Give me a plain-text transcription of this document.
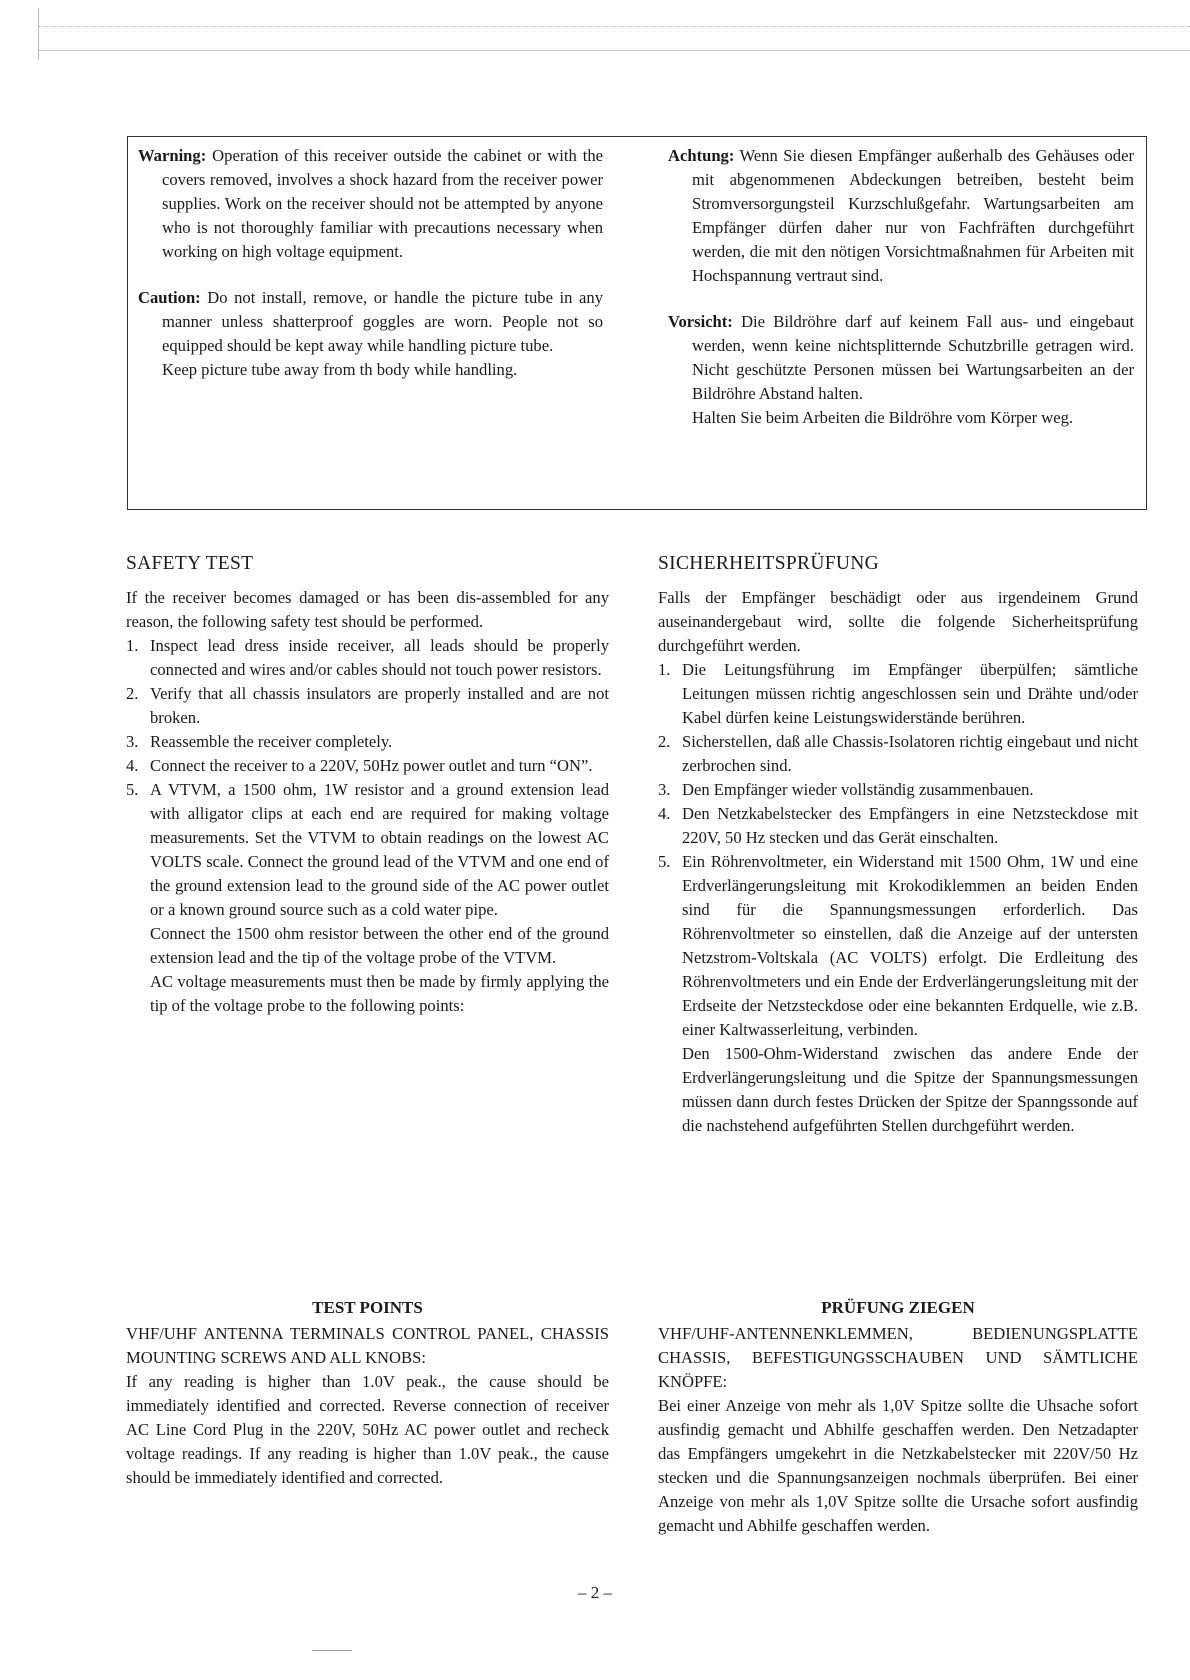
Warning: Operation of this receiver outside the cabinet or with the covers removed, involves a shock hazard from the receiver power supplies. Work on the receiver should not be attempted by anyone who is not thoroughly familiar with precautions necessary when working on high voltage equipment.

Caution: Do not install, remove, or handle the picture tube in any manner unless shatterproof goggles are worn. People not so equipped should be kept away while handling picture tube.

Keep picture tube away from th body while handling.

Achtung: Wenn Sie diesen Empfänger außerhalb des Gehäuses oder mit abgenommenen Abdeckungen betreiben, besteht beim Stromversorgungsteil Kurzschlußgefahr. Wartungsarbeiten am Empfänger dürfen daher nur von Fachfräften durchgeführt werden, die mit den nötigen Vorsichtmaßnahmen für Arbeiten mit Hochspannung vertraut sind.

Vorsicht: Die Bildröhre darf auf keinem Fall aus- und eingebaut werden, wenn keine nichtsplitternde Schutzbrille getragen wird. Nicht geschützte Personen müssen bei Wartungsarbeiten an der Bildröhre Abstand halten.

Halten Sie beim Arbeiten die Bildröhre vom Körper weg.

SAFETY TEST

If the receiver becomes damaged or has been dis-assembled for any reason, the following safety test should be performed.

1. Inspect lead dress inside receiver, all leads should be properly connected and wires and/or cables should not touch power resistors.

2. Verify that all chassis insulators are properly installed and are not broken.

3. Reassemble the receiver completely.

4. Connect the receiver to a 220V, 50Hz power outlet and turn “ON”.

5. A VTVM, a 1500 ohm, 1W resistor and a ground extension lead with alligator clips at each end are required for making voltage measurements. Set the VTVM to obtain readings on the lowest AC VOLTS scale. Connect the ground lead of the VTVM and one end of the ground extension lead to the ground side of the AC power outlet or a known ground source such as a cold water pipe.

Connect the 1500 ohm resistor between the other end of the ground extension lead and the tip of the voltage probe of the VTVM.

AC voltage measurements must then be made by firmly applying the tip of the voltage probe to the following points:

SICHERHEITSPRÜFUNG

Falls der Empfänger beschädigt oder aus irgendeinem Grund auseinandergebaut wird, sollte die folgende Sicherheitsprüfung durchgeführt werden.

1. Die Leitungsführung im Empfänger überpülfen; sämtliche Leitungen müssen richtig angeschlossen sein und Drähte und/oder Kabel dürfen keine Leistungswiderstände berühren.

2. Sicherstellen, daß alle Chassis-Isolatoren richtig eingebaut und nicht zerbrochen sind.

3. Den Empfänger wieder vollständig zusammenbauen.

4. Den Netzkabelstecker des Empfängers in eine Netzsteckdose mit 220V, 50 Hz stecken und das Gerät einschalten.

5. Ein Röhrenvoltmeter, ein Widerstand mit 1500 Ohm, 1W und eine Erdverlängerungsleitung mit Krokodiklemmen an beiden Enden sind für die Spannungsmessungen erforderlich. Das Röhrenvoltmeter so einstellen, daß die Anzeige auf der untersten Netzstrom-Voltskala (AC VOLTS) erfolgt. Die Erdleitung des Röhrenvoltmeters und ein Ende der Erdverlängerungsleitung mit der Erdseite der Netzsteckdose oder eine bekannten Erdquelle, wie z.B. einer Kaltwasserleitung, verbinden.

Den 1500-Ohm-Widerstand zwischen das andere Ende der Erdverlängerungsleitung und die Spitze der Spannungsmessungen müssen dann durch festes Drücken der Spitze der Spanngssonde auf die nachstehend aufgeführten Stellen durchgeführt werden.

TEST POINTS

VHF/UHF ANTENNA TERMINALS CONTROL PANEL, CHASSIS MOUNTING SCREWS AND ALL KNOBS:

If any reading is higher than 1.0V peak., the cause should be immediately identified and corrected. Reverse connection of receiver AC Line Cord Plug in the 220V, 50Hz AC power outlet and recheck voltage readings. If any reading is higher than 1.0V peak., the cause should be immediately identified and corrected.

PRÜFUNG ZIEGEN

VHF/UHF-ANTENNENKLEMMEN, BEDIENUNGSPLATTE CHASSIS, BEFESTIGUNGSSCHAUBEN UND SÄMTLICHE KNÖPFE:

Bei einer Anzeige von mehr als 1,0V Spitze sollte die Uhsache sofort ausfindig gemacht und Abhilfe geschaffen werden. Den Netzadapter das Empfängers umgekehrt in die Netzkabelstecker mit 220V/50 Hz stecken und die Spannungsanzeigen nochmals überprüfen. Bei einer Anzeige von mehr als 1,0V Spitze sollte die Ursache sofort ausfindig gemacht und Abhilfe geschaffen werden.

– 2 –
